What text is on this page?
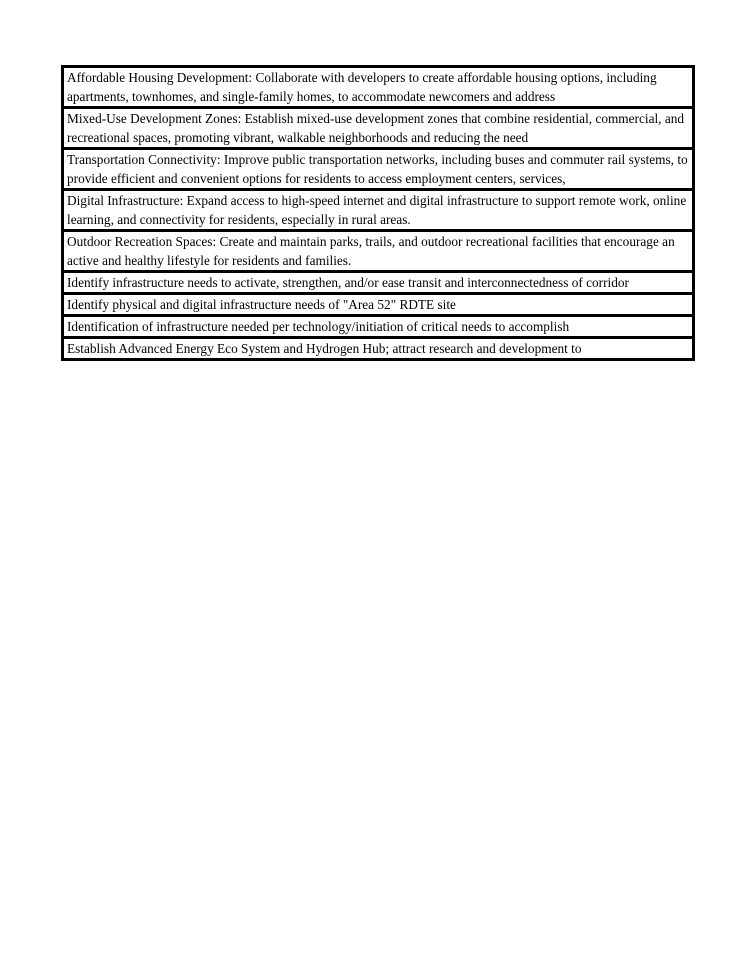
Affordable Housing Development: Collaborate with developers to create affordable housing options, including apartments, townhomes, and single-family homes, to accommodate newcomers and address

Mixed-Use Development Zones: Establish mixed-use development zones that combine residential, commercial, and recreational spaces, promoting vibrant, walkable neighborhoods and reducing the need

Transportation Connectivity: Improve public transportation networks, including buses and commuter rail systems, to provide efficient and convenient options for residents to access employment centers, services,

Digital Infrastructure: Expand access to high-speed internet and digital infrastructure to support remote work, online learning, and connectivity for residents, especially in rural areas.

Outdoor Recreation Spaces: Create and maintain parks, trails, and outdoor recreational facilities that encourage an active and healthy lifestyle for residents and families.

Identify infrastructure needs to activate, strengthen, and/or ease transit and interconnectedness of corridor

Identify physical and digital infrastructure needs of "Area 52" RDTE site

Identification of infrastructure needed per technology/initiation of critical needs to accomplish

Establish Advanced Energy Eco System and Hydrogen Hub; attract research and development to
